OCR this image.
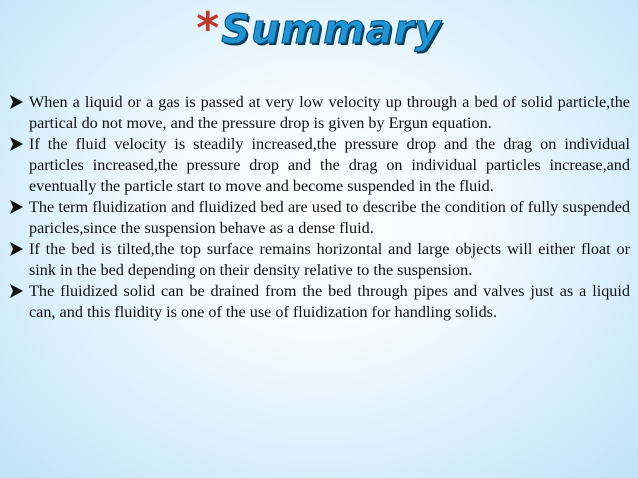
*Summary
When a liquid or a gas is passed at very low velocity up through a bed of solid particle,the partical do not move, and the pressure drop is given by Ergun equation.
If the fluid velocity is steadily increased,the pressure drop and the drag on individual particles increased,the pressure drop and the drag on individual particles increase,and eventually the particle start to move and become suspended in the fluid.
The term fluidization and fluidized bed are used to describe the condition of fully suspended paricles,since the suspension behave as a dense fluid.
If the bed is tilted,the top surface remains horizontal and large objects will either float or sink in the bed depending on their density relative to the suspension.
The fluidized solid can be drained from the bed through pipes and valves just as a liquid can, and this fluidity is one of the use of fluidization for handling solids.
